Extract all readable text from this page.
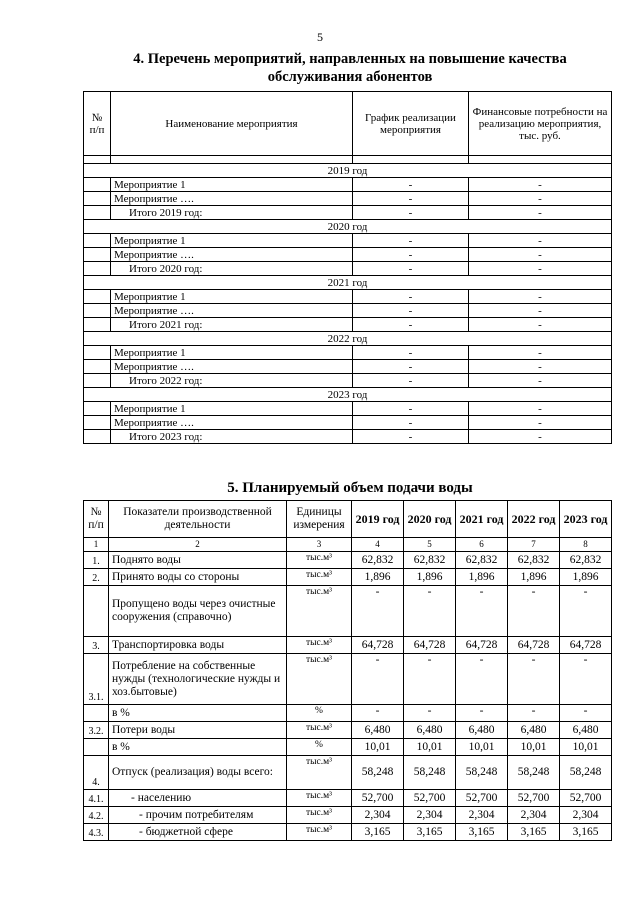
5
4. Перечень мероприятий, направленных на повышение качества
обслуживания абонентов
№ п/п	Наименование мероприятия	График реализации мероприятия	Финансовые потребности на реализацию мероприятия, тыс. руб.

2019 год			
	Мероприятие 1	-	-
	Мероприятие ….	-	-
	Итого 2019 год:	-	-
2020 год			
	Мероприятие 1	-	-
	Мероприятие ….	-	-
	Итого 2020 год:	-	-
2021 год			
	Мероприятие 1	-	-
	Мероприятие ….	-	-
	Итого 2021 год:	-	-
2022 год			
	Мероприятие 1	-	-
	Мероприятие ….	-	-
	Итого 2022 год:	-	-
2023 год			
	Мероприятие 1	-	-
	Мероприятие ….	-	-
	Итого 2023 год:	-	-
5. Планируемый объем подачи воды
№ п/п	Показатели производственной деятельности	Единицы измерения	2019 год	2020 год	2021 год	2022 год	2023 год
1	2	3	4	5	6	7	8
1.	Поднято воды	тыс.м³	62,832	62,832	62,832	62,832	62,832
2.	Принято воды со стороны	тыс.м³	1,896	1,896	1,896	1,896	1,896
	Пропущено воды через очистные сооружения (справочно)	тыс.м³	-	-	-	-	-
3.	Транспортировка воды	тыс.м³	64,728	64,728	64,728	64,728	64,728
3.1.	Потребление на собственные нужды (технологические нужды и хоз.бытовые)	тыс.м³	-	-	-	-	-
	в %	%	-	-	-	-	-
3.2.	Потери воды	тыс.м³	6,480	6,480	6,480	6,480	6,480
	в %	%	10,01	10,01	10,01	10,01	10,01
4.	Отпуск (реализация) воды всего:	тыс.м³	58,248	58,248	58,248	58,248	58,248
4.1.	- населению	тыс.м³	52,700	52,700	52,700	52,700	52,700
4.2.	- прочим потребителям	тыс.м³	2,304	2,304	2,304	2,304	2,304
4.3.	- бюджетной сфере	тыс.м³	3,165	3,165	3,165	3,165	3,165
